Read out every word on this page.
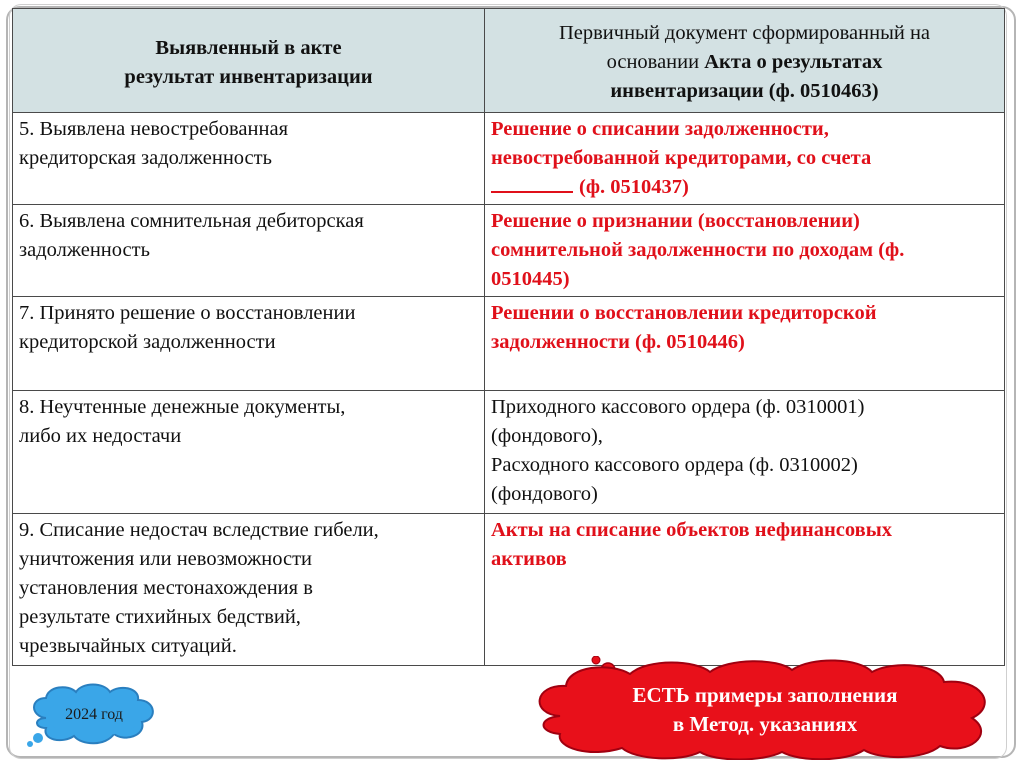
Выявленный в акте
результат инвентаризации	Первичный документ сформированный на
основании Акта о результатах
инвентаризации (ф. 0510463)

5. Выявлена невостребованная
кредиторская задолженность	Решение о списании задолженности,
невостребованной кредиторами, со счета
(ф. 0510437)

6. Выявлена сомнительная дебиторская
задолженность	Решение о признании (восстановлении)
сомнительной задолженности по доходам (ф.
0510445)

7. Принято решение о восстановлении
кредиторской задолженности	Решении о восстановлении кредиторской
задолженности (ф. 0510446)

8. Неучтенные денежные документы,
либо их недостачи	Приходного кассового ордера (ф. 0310001)
(фондового),
Расходного кассового ордера (ф. 0310002)
(фондового)

9. Списание недостач вследствие гибели,
уничтожения или невозможности
установления местонахождения в
результате стихийных бедствий,
чрезвычайных ситуаций.	Акты на списание объектов нефинансовых
активов
2024 год
ЕСТЬ примеры заполнения
в Метод. указаниях
